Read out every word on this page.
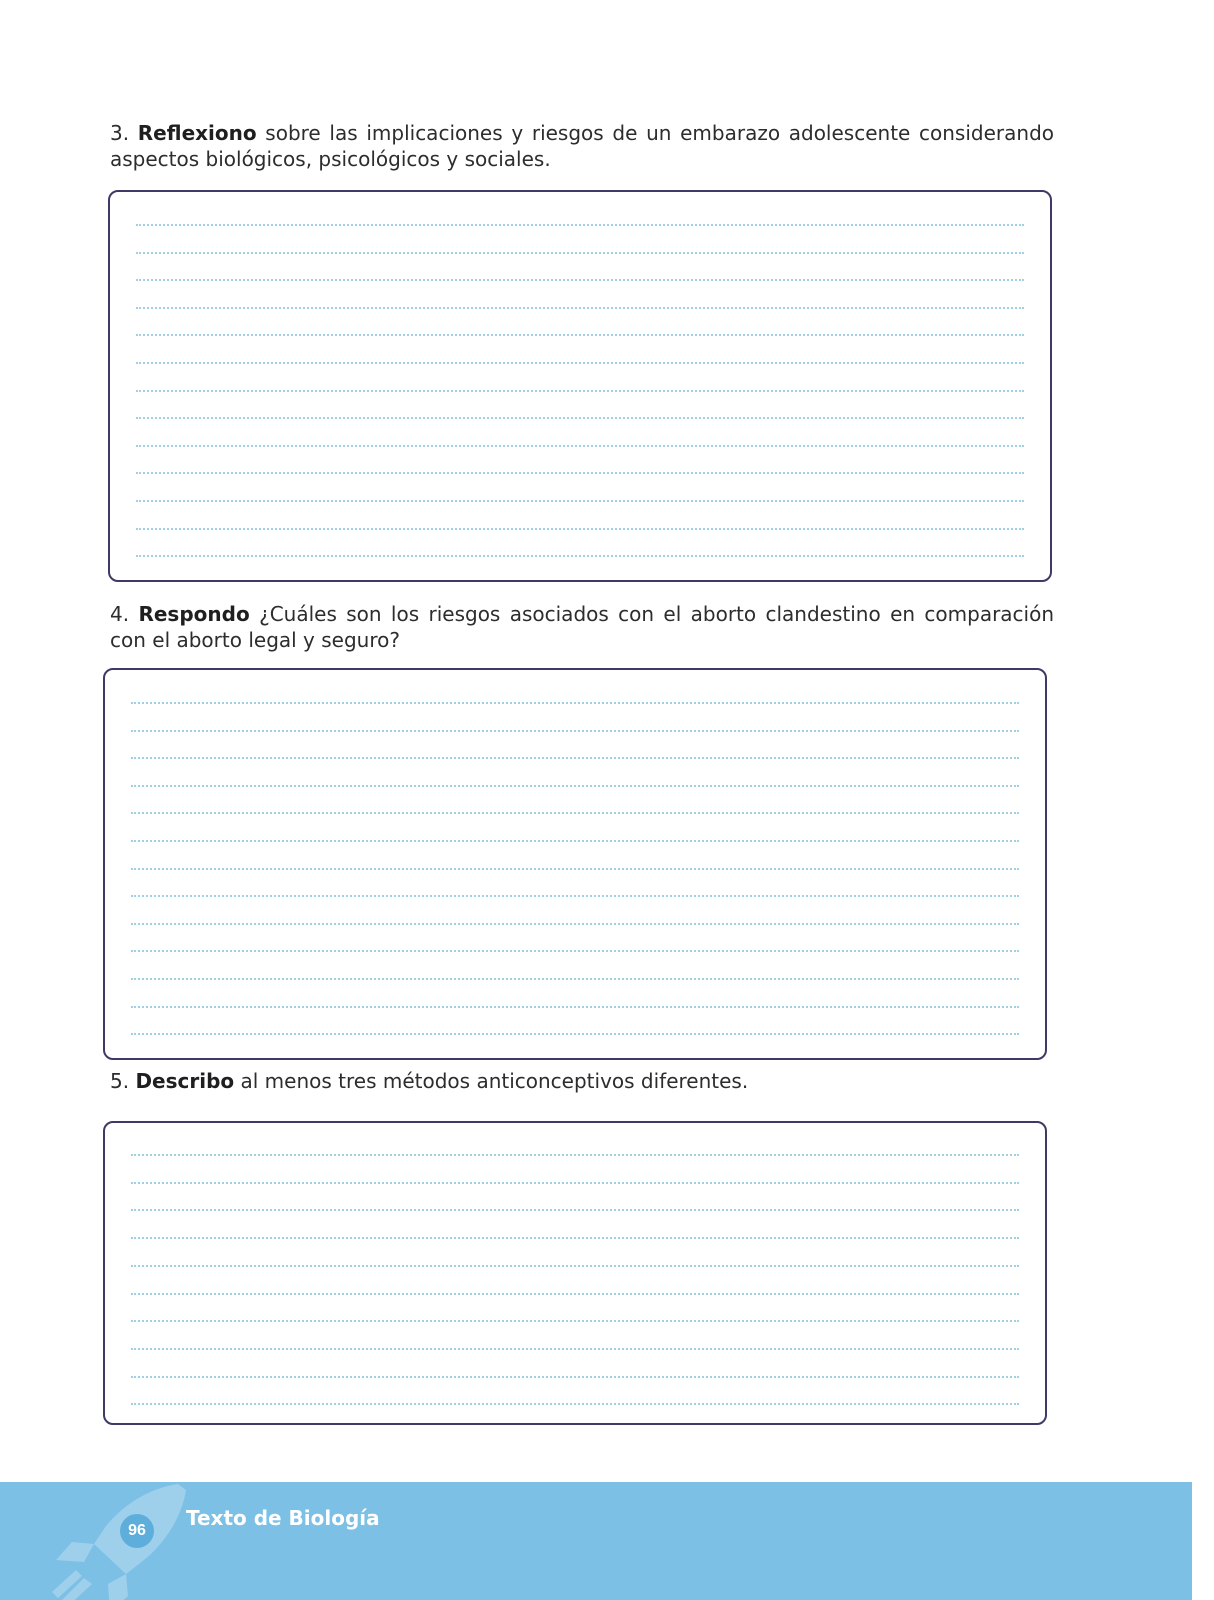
3. Reflexiono sobre las implicaciones y riesgos de un embarazo adolescente considerando aspectos biológicos, psicológicos y sociales.
4. Respondo ¿Cuáles son los riesgos asociados con el aborto clandestino en comparación con el aborto legal y seguro?
5. Describo al menos tres métodos anticonceptivos diferentes.
96
Texto de Biología
